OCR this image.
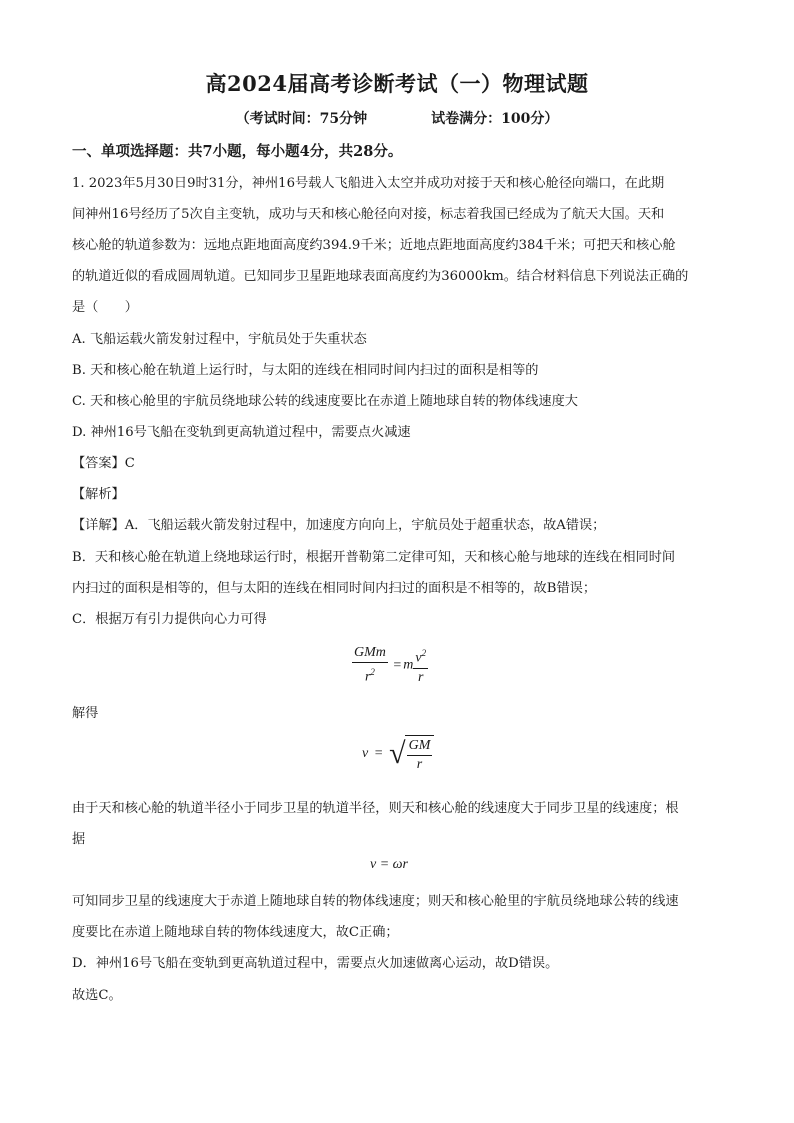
高2024届高考诊断考试（一）物理试题
（考试时间：75分钟	试卷满分：100分）
一、单项选择题：共7小题，每小题4分，共28分。
1. 2023年5月30日9时31分，神州16号载人飞船进入太空并成功对接于天和核心舱径向端口，在此期
间神州16号经历了5次自主变轨，成功与天和核心舱径向对接，标志着我国已经成为了航天大国。天和
核心舱的轨道参数为：远地点距地面高度约394.9千米；近地点距地面高度约384千米；可把天和核心舱
的轨道近似的看成圆周轨道。已知同步卫星距地球表面高度约为36000km。结合材料信息下列说法正确的
是（　　）
A. 飞船运载火箭发射过程中，宇航员处于失重状态
B. 天和核心舱在轨道上运行时，与太阳的连线在相同时间内扫过的面积是相等的
C. 天和核心舱里的宇航员绕地球公转的线速度要比在赤道上随地球自转的物体线速度大
D. 神州16号飞船在变轨到更高轨道过程中，需要点火减速
【答案】C
【解析】
【详解】A．飞船运载火箭发射过程中，加速度方向向上，宇航员处于超重状态，故A错误；
B．天和核心舱在轨道上绕地球运行时，根据开普勒第二定律可知，天和核心舱与地球的连线在相同时间
内扫过的面积是相等的，但与太阳的连线在相同时间内扫过的面积是不相等的，故B错误；
C．根据万有引力提供向心力可得
$\frac{\text{GMm}}{r^2} = m \frac{v^2}{r}$
解得
v = √ $\frac{GM}{r}$
由于天和核心舱的轨道半径小于同步卫星的轨道半径，则天和核心舱的线速度大于同步卫星的线速度；根
据
v = ωr
可知同步卫星的线速度大于赤道上随地球自转的物体线速度；则天和核心舱里的宇航员绕地球公转的线速
度要比在赤道上随地球自转的物体线速度大，故C正确；
D．神州16号飞船在变轨到更高轨道过程中，需要点火加速做离心运动，故D错误。
故选C。
